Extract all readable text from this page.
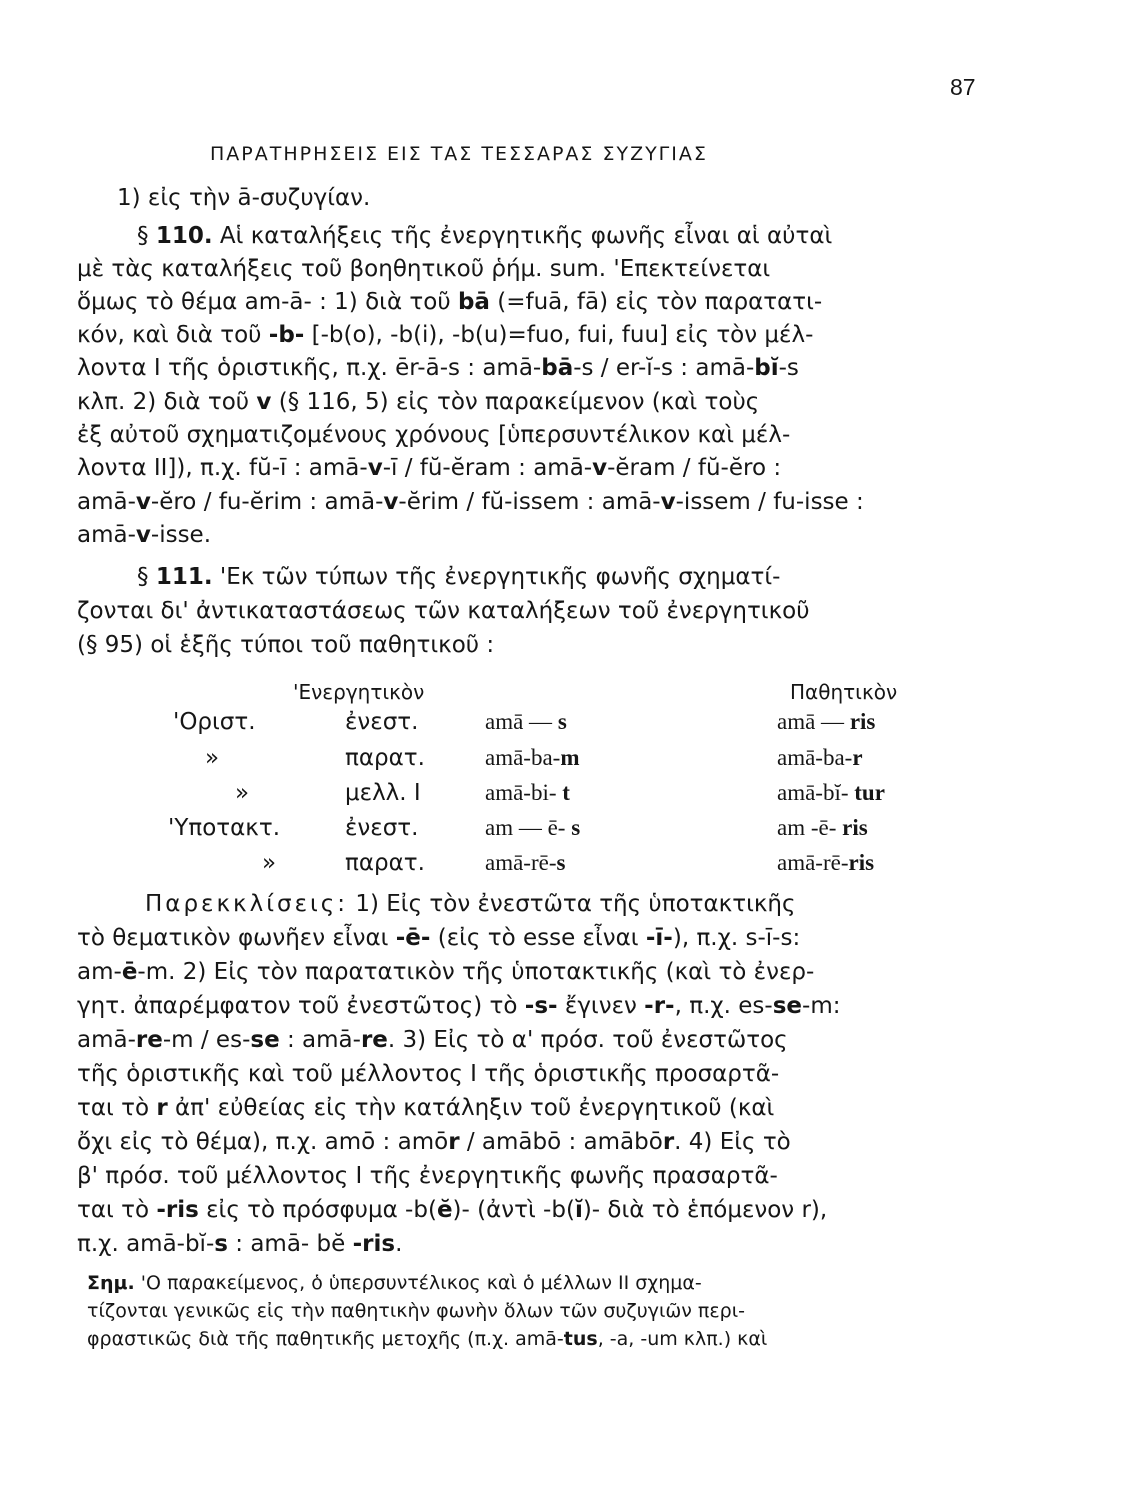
87
ΠΑΡΑΤΗΡΗΣΕΙΣ ΕΙΣ ΤΑΣ ΤΕΣΣΑΡΑΣ ΣΥΖΥΓΙΑΣ
1) εἰς τὴν ā-συζυγίαν.
§ 110. Αἱ καταλήξεις τῆς ἐνεργητικῆς φωνῆς εἶναι αἱ αὐταὶ
μὲ τὰς καταλήξεις τοῦ βοηθητικοῦ ῥήμ. sum. 'Επεκτείνεται
ὅμως τὸ θέμα am-ā- : 1) διὰ τοῦ bā (=fuā, fā) εἰς τὸν παρατατι-
κόν, καὶ διὰ τοῦ -b- [-b(o), -b(i), -b(u)=fuo, fui, fuu] εἰς τὸν μέλ-
λοντα I τῆς ὁριστικῆς, π.χ. ēr-ā-s : amā-bā-s / er-ĭ-s : amā-bĭ-s
κλπ. 2) διὰ τοῦ v (§ 116, 5) εἰς τὸν παρακείμενον (καὶ τοὺς
ἐξ αὐτοῦ σχηματιζομένους χρόνους [ὑπερσυντέλικον καὶ μέλ-
λοντα II]), π.χ. fŭ-ī : amā-v-ī / fŭ-ĕram : amā-v-ĕram / fŭ-ĕro :
amā-v-ĕro / fu-ĕrim : amā-v-ĕrim / fŭ-issem : amā-v-issem / fu-isse :
amā-v-isse.
§ 111. 'Εκ τῶν τύπων τῆς ἐνεργητικῆς φωνῆς σχηματί-
ζονται δι' ἀντικαταστάσεως τῶν καταλήξεων τοῦ ἐνεργητικοῦ
(§ 95) οἱ ἑξῆς τύποι τοῦ παθητικοῦ :
'Ενεργητικὸν	Παθητικὸν
'Οριστ.	ἐνεστ.	amā — s	amā — ris
»	παρατ.	amā-ba-m	amā-ba-r
»	μελλ. I	amā-bi- t	amā-bĭ- tur
'Υποτακτ.	ἐνεστ.	am — ē- s	am -ē- ris
»	παρατ.	amā-rē-s	amā-rē-ris
Παρεκκλίσεις: 1) Εἰς τὸν ἐνεστῶτα τῆς ὑποτακτικῆς
τὸ θεματικὸν φωνῆεν εἶναι -ē- (εἰς τὸ esse εἶναι -ī-), π.χ. s-ī-s:
am-ē-m. 2) Εἰς τὸν παρατατικὸν τῆς ὑποτακτικῆς (καὶ τὸ ἐνερ-
γητ. ἀπαρέμφατον τοῦ ἐνεστῶτος) τὸ -s- ἔγινεν -r-, π.χ. es-se-m:
amā-re-m / es-se : amā-re. 3) Εἰς τὸ α' πρόσ. τοῦ ἐνεστῶτος
τῆς ὁριστικῆς καὶ τοῦ μέλλοντος I τῆς ὁριστικῆς προσαρτᾶ-
ται τὸ r ἀπ' εὐθείας εἰς τὴν κατάληξιν τοῦ ἐνεργητικοῦ (καὶ
ὄχι εἰς τὸ θέμα), π.χ. amō : amōr / amābō : amābōr. 4) Εἰς τὸ
β' πρόσ. τοῦ μέλλοντος I τῆς ἐνεργητικῆς φωνῆς πρασαρτᾶ-
ται τὸ -ris εἰς τὸ πρόσφυμα -b(ĕ)- (ἀντὶ -b(ĭ)- διὰ τὸ ἑπόμενον r),
π.χ. amā-bĭ-s : amā- bĕ -ris.
Σημ. 'Ο παρακείμενος, ὁ ὑπερσυντέλικος καὶ ὁ μέλλων II σχημα-
τίζονται γενικῶς εἰς τὴν παθητικὴν φωνὴν ὅλων τῶν συζυγιῶν περι-
φραστικῶς διὰ τῆς παθητικῆς μετοχῆς (π.χ. amā-tus, -a, -um κλπ.) καὶ
